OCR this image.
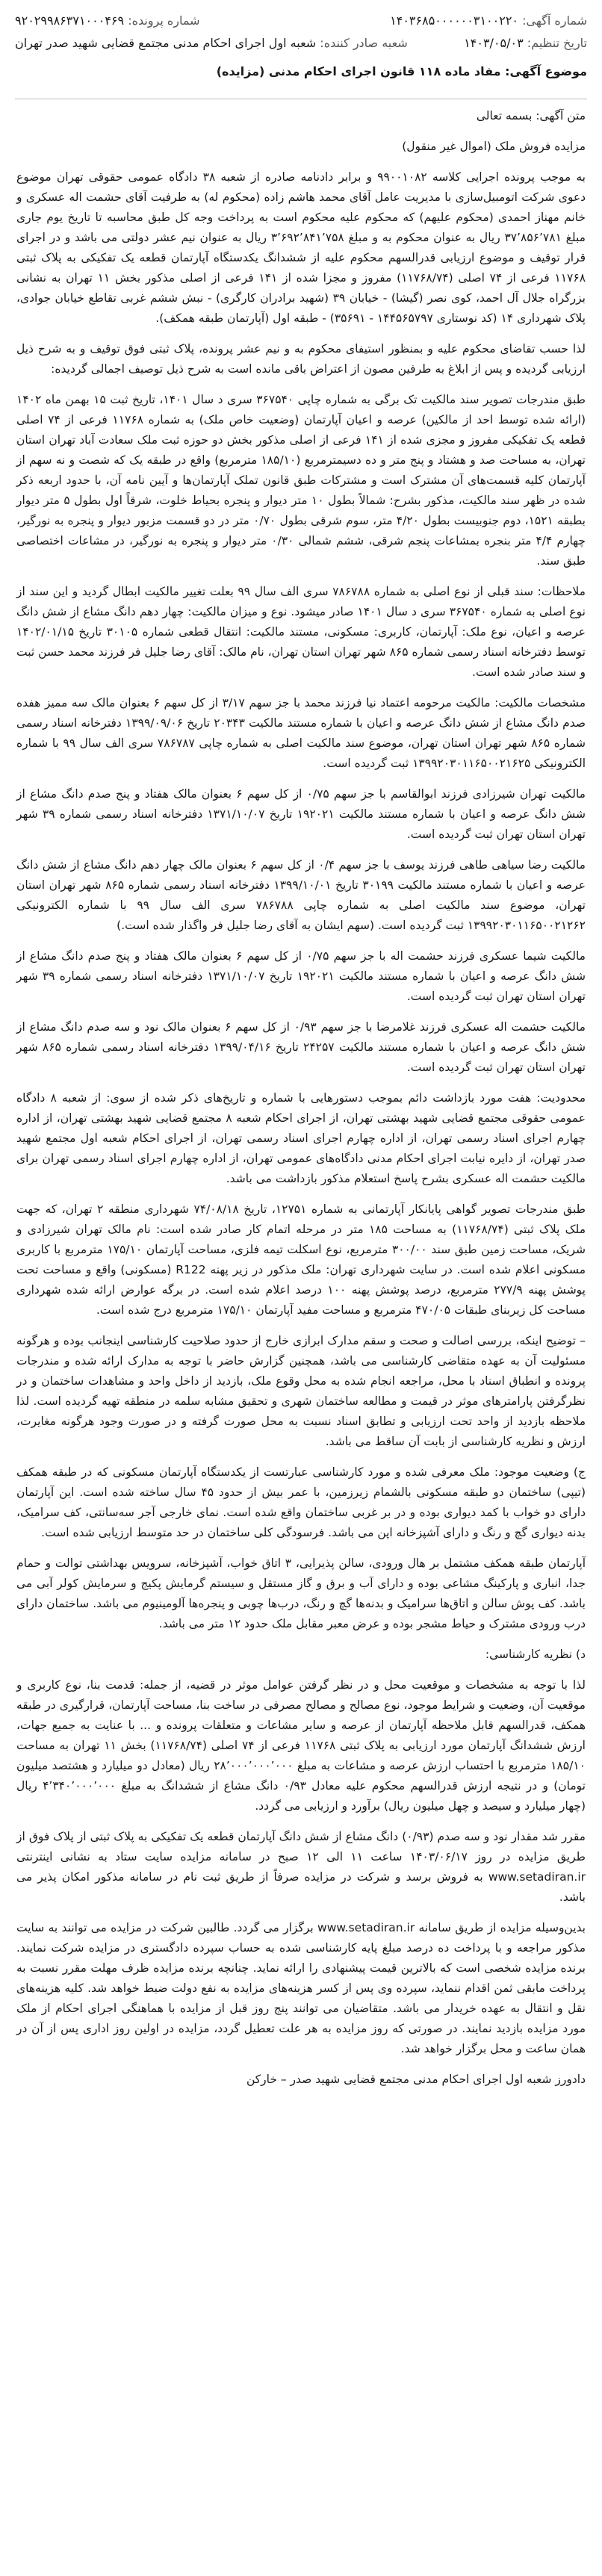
شماره آگهی: ۱۴۰۳۶۸۵۰۰۰۰۰۰۳۱۰۰۲۲۰
شماره پرونده: ۹۲۰۲۹۹۸۶۳۷۱۰۰۰۴۶۹
تاریخ تنظیم: ۱۴۰۳/۰۵/۰۳
شعبه صادر کننده: شعبه اول اجرای احکام مدنی مجتمع قضایی شهید صدر تهران
موضوع آگهی: مفاد ماده ۱۱۸ قانون اجرای احکام مدنی (مزایده)

متن آگهی: بسمه تعالی

مزایده فروش ملک (اموال غیر منقول)

به موجب پرونده اجرایی کلاسه ۹۹۰۰۱۰۸۲ و برابر دادنامه صادره از شعبه ۳۸ دادگاه عمومی حقوقی تهران موضوع دعوی شرکت اتومبیل‌سازی با مدیریت عامل آقای محمد هاشم زاده (محکوم له) به طرفیت آقای حشمت اله عسکری و خانم مهناز احمدی (محکوم علیهم) که محکوم علیه محکوم است به پرداخت وجه کل طبق محاسبه تا تاریخ یوم جاری مبلغ ۳۷٬۸۵۶٬۷۸۱ ریال به عنوان محکوم به و مبلغ ۳٬۶۹۲٬۸۴۱٬۷۵۸ ریال به عنوان نیم عشر دولتی می باشد و در اجرای قرار توقیف و موضوع ارزیابی قدرالسهم محکوم علیه از ششدانگ یکدستگاه آپارتمان قطعه یک تفکیکی به پلاک ثبتی ۱۱۷۶۸ فرعی از ۷۴ اصلی (۱۱۷۶۸/۷۴) مفروز و مجزا شده از ۱۴۱ فرعی از اصلی مذکور بخش ۱۱ تهران به نشانی بزرگراه جلال آل احمد، کوی نصر (گیشا) - خیابان ۳۹ (شهید برادران کارگری) - نبش ششم غربی تقاطع خیابان جوادی، پلاک شهرداری ۱۴ (کد نوستاری ۱۴۴۵۶۵۷۹۷ - ۳۵۶۹۱) - طبقه اول (آپارتمان طبقه همکف).

لذا حسب تقاضای محکوم علیه و بمنظور استیفای محکوم به و نیم عشر پرونده، پلاک ثبتی فوق توقیف و به شرح ذیل ارزیابی گردیده و پس از ابلاغ به طرفین مصون از اعتراض باقی مانده است به شرح ذیل توصیف اجمالی گردیده:

طبق مندرجات تصویر سند مالکیت تک برگی به شماره چاپی ۳۶۷۵۴۰ سری د سال ۱۴۰۱، تاریخ ثبت ۱۵ بهمن ماه ۱۴۰۲ (ارائه شده توسط احد از مالکین) عرصه و اعیان آپارتمان (وضعیت خاص ملک) به شماره ۱۱۷۶۸ فرعی از ۷۴ اصلی قطعه یک تفکیکی مفروز و مجزی شده از ۱۴۱ فرعی از اصلی مذکور بخش دو حوزه ثبت ملک سعادت آباد تهران استان تهران، به مساحت صد و هشتاد و پنج متر و ده دسیمترمربع (۱۸۵/۱۰ مترمربع) واقع در طبقه یک که شصت و نه سهم از آپارتمان کلیه قسمت‌های آن مشترک است و مشترکات طبق قانون تملک آپارتمان‌ها و آیین نامه آن، با حدود اربعه ذکر شده در ظهر سند مالکیت، مذکور بشرح: شمالاً بطول ۱۰ متر دیوار و پنجره بحیاط خلوت، شرقاً اول بطول ۵ متر دیوار بطبقه ۱۵۲۱، دوم جنوبیست بطول ۴/۲۰ متر، سوم شرقی بطول ۰/۷۰ متر در دو قسمت مزبور دیوار و پنجره به نورگیر، چهارم ۴/۴ متر بنجره بمشاعات پنجم شرقی، ششم شمالی ۰/۳۰ متر دیوار و پنجره به نورگیر، در مشاعات اختصاصی طبق سند.

ملاحظات: سند قبلی از نوع اصلی به شماره ۷۸۶۷۸۸ سری الف سال ۹۹ بعلت تغییر مالکیت ابطال گردید و این سند از نوع اصلی به شماره ۳۶۷۵۴۰ سری د سال ۱۴۰۱ صادر میشود. نوع و میزان مالکیت: چهار دهم دانگ مشاع از شش دانگ عرصه و اعیان، نوع ملک: آپارتمان، کاربری: مسکونی، مستند مالکیت: انتقال قطعی شماره ۳۰۱۰۵ تاریخ ۱۴۰۲/۰۱/۱۵ توسط دفترخانه اسناد رسمی شماره ۸۶۵ شهر تهران استان تهران، نام مالک: آقای رضا جلیل فر فرزند محمد حسن ثبت و سند صادر شده است.

مشخصات مالکیت: مالکیت مرحومه اعتماد نیا فرزند محمد با جز سهم ۳/۱۷ از کل سهم ۶ بعنوان مالک سه ممیز هفده صدم دانگ مشاع از شش دانگ عرصه و اعیان با شماره مستند مالکیت ۲۰۳۴۳ تاریخ ۱۳۹۹/۰۹/۰۶ دفترخانه اسناد رسمی شماره ۸۶۵ شهر تهران استان تهران، موضوع سند مالکیت اصلی به شماره چاپی ۷۸۶۷۸۷ سری الف سال ۹۹ با شماره الکترونیکی ۱۳۹۹۲۰۳۰۱۱۶۵۰۰۲۱۶۲۵ ثبت گردیده است.

مالکیت تهران شیرزادی فرزند ابوالقاسم با جز سهم ۰/۷۵ از کل سهم ۶ بعنوان مالک هفتاد و پنج صدم دانگ مشاع از شش دانگ عرصه و اعیان با شماره مستند مالکیت ۱۹۲۰۲۱ تاریخ ۱۳۷۱/۱۰/۰۷ دفترخانه اسناد رسمی شماره ۳۹ شهر تهران استان تهران ثبت گردیده است.

مالکیت رضا سیاهی طاهی فرزند یوسف با جز سهم ۰/۴ از کل سهم ۶ بعنوان مالک چهار دهم دانگ مشاع از شش دانگ عرصه و اعیان با شماره مستند مالکیت ۳۰۱۹۹ تاریخ ۱۳۹۹/۱۰/۰۱ دفترخانه اسناد رسمی شماره ۸۶۵ شهر تهران استان تهران، موضوع سند مالکیت اصلی به شماره چاپی ۷۸۶۷۸۸ سری الف سال ۹۹ با شماره الکترونیکی ۱۳۹۹۲۰۳۰۱۱۶۵۰۰۲۱۲۶۲ ثبت گردیده است. (سهم ایشان به آقای رضا جلیل فر واگذار شده است.)

مالکیت شیما عسکری فرزند حشمت اله با جز سهم ۰/۷۵ از کل سهم ۶ بعنوان مالک هفتاد و پنج صدم دانگ مشاع از شش دانگ عرصه و اعیان با شماره مستند مالکیت ۱۹۲۰۲۱ تاریخ ۱۳۷۱/۱۰/۰۷ دفترخانه اسناد رسمی شماره ۳۹ شهر تهران استان تهران ثبت گردیده است.

مالکیت حشمت اله عسکری فرزند غلامرضا با جز سهم ۰/۹۳ از کل سهم ۶ بعنوان مالک نود و سه صدم دانگ مشاع از شش دانگ عرصه و اعیان با شماره مستند مالکیت ۲۴۲۵۷ تاریخ ۱۳۹۹/۰۴/۱۶ دفترخانه اسناد رسمی شماره ۸۶۵ شهر تهران استان تهران ثبت گردیده است.

محدودیت: هفت مورد بازداشت دائم بموجب دستورهایی با شماره و تاریخ‌های ذکر شده از سوی: از شعبه ۸ دادگاه عمومی حقوقی مجتمع قضایی شهید بهشتی تهران، از اجرای احکام شعبه ۸ مجتمع قضایی شهید بهشتی تهران، از اداره چهارم اجرای اسناد رسمی تهران، از اداره چهارم اجرای اسناد رسمی تهران، از اجرای احکام شعبه اول مجتمع شهید صدر تهران، از دایره نیابت اجرای احکام مدنی دادگاه‌های عمومی تهران، از اداره چهارم اجرای اسناد رسمی تهران برای مالکیت حشمت اله عسکری بشرح پاسخ استعلام مذکور بازداشت می باشد.

طبق مندرجات تصویر گواهی پایانکار آپارتمانی به شماره ۱۲۷۵۱، تاریخ ۷۴/۰۸/۱۸ شهرداری منطقه ۲ تهران، که جهت ملک پلاک ثبتی (۱۱۷۶۸/۷۴) به مساحت ۱۸۵ متر در مرحله اتمام کار صادر شده است: نام مالک تهران شیرزادی و شریک، مساحت زمین طبق سند ۳۰۰/۰۰ مترمربع، نوع اسکلت تیمه فلزی، مساحت آپارتمان ۱۷۵/۱۰ مترمربع با کاربری مسکونی اعلام شده است. در سایت شهرداری تهران: ملک مذکور در زیر پهنه R122 (مسکونی) واقع و مساحت تحت پوشش پهنه ۲۷۷/۹ مترمربع، درصد پوشش پهنه ۱۰۰ درصد اعلام شده است. در برگه عوارض ارائه شده شهرداری مساحت کل زیربنای طبقات ۴۷۰/۰۵ مترمربع و مساحت مفید آپارتمان ۱۷۵/۱۰ مترمربع درج شده است.

– توضیح اینکه، بررسی اصالت و صحت و سقم مدارک ابرازی خارج از حدود صلاحیت کارشناسی اینجانب بوده و هرگونه مسئولیت آن به عهده متقاضی کارشناسی می باشد، همچنین گزارش حاضر با توجه به مدارک ارائه شده و مندرجات پرونده و انطباق اسناد با محل، مراجعه انجام شده به محل وقوع ملک، بازدید از داخل واحد و مشاهدات ساختمان و در نظرگرفتن پارامترهای موثر در قیمت و مطالعه ساختمان شهری و تحقیق مشابه سلمه در منطقه تهیه گردیده است. لذا ملاحظه بازدید از واحد تحت ارزیابی و تطابق اسناد نسبت به محل صورت گرفته و در صورت وجود هرگونه مغایرت، ارزش و نظریه کارشناسی از بابت آن ساقط می باشد.

ج) وضعیت موجود: ملک معرفی شده و مورد کارشناسی عبارتست از یکدستگاه آپارتمان مسکونی که در طبقه همکف (تیپی) ساختمان دو طبقه مسکونی بالشمام زیرزمین، با عمر بیش از حدود ۴۵ سال ساخته شده است. این آپارتمان دارای دو خواب با کمد دیواری بوده و در بر غربی ساختمان واقع شده است. نمای خارجی آجر سه‌سانتی، کف سرامیک، بدنه دیواری گچ و رنگ و دارای آشپزخانه اپن می باشد. فرسودگی کلی ساختمان در حد متوسط ارزیابی شده است.

آپارتمان طبقه همکف مشتمل بر هال ورودی، سالن پذیرایی، ۳ اتاق خواب، آشپزخانه، سرویس بهداشتی توالت و حمام جدا، انباری و پارکینگ مشاعی بوده و دارای آب و برق و گاز مستقل و سیستم گرمایش پکیج و سرمایش کولر آبی می باشد. کف پوش سالن و اتاق‌ها سرامیک و بدنه‌ها گچ و رنگ، درب‌ها چوبی و پنجره‌ها آلومینیوم می باشد. ساختمان دارای درب ورودی مشترک و حیاط مشجر بوده و عرض معبر مقابل ملک حدود ۱۲ متر می باشد.

د) نظریه کارشناسی:

لذا با توجه به مشخصات و موقعیت محل و در نظر گرفتن عوامل موثر در قضیه، از جمله: قدمت بنا، نوع کاربری و موقعیت آن، وضعیت و شرایط موجود، نوع مصالح و مصالح مصرفی در ساخت بنا، مساحت آپارتمان، قرارگیری در طبقه همکف، قدرالسهم قابل ملاحظه آپارتمان از عرصه و سایر مشاعات و متعلقات پرونده و ... با عنایت به جمیع جهات، ارزش ششدانگ آپارتمان مورد ارزیابی به پلاک ثبتی ۱۱۷۶۸ فرعی از ۷۴ اصلی (۱۱۷۶۸/۷۴) بخش ۱۱ تهران به مساحت ۱۸۵/۱۰ مترمربع با احتساب ارزش عرصه و مشاعات به مبلغ ۲۸٬۰۰۰٬۰۰۰٬۰۰۰ ریال (معادل دو میلیارد و هشتصد میلیون تومان) و در نتیجه ارزش قدرالسهم محکوم علیه معادل ۰/۹۳ دانگ مشاع از ششدانگ به مبلغ ۴٬۳۴۰٬۰۰۰٬۰۰۰ ریال (چهار میلیارد و سیصد و چهل میلیون ریال) برآورد و ارزیابی می گردد.

مقرر شد مقدار نود و سه صدم (۰/۹۳) دانگ مشاع از شش دانگ آپارتمان قطعه یک تفکیکی به پلاک ثبتی از پلاک فوق از طریق مزایده در روز ۱۴۰۳/۰۶/۱۷ ساعت ۱۱ الی ۱۲ صبح در سامانه مزایده سایت ستاد به نشانی اینترنتی www.setadiran.ir به فروش برسد و شرکت در مزایده صرفاً از طریق ثبت نام در سامانه مذکور امکان پذیر می باشد.

بدین‌وسیله مزایده از طریق سامانه www.setadiran.ir برگزار می گردد. طالبین شرکت در مزایده می توانند به سایت مذکور مراجعه و با پرداخت ده درصد مبلغ پایه کارشناسی شده به حساب سپرده دادگستری در مزایده شرکت نمایند. برنده مزایده شخصی است که بالاترین قیمت پیشنهادی را ارائه نماید. چنانچه برنده مزایده ظرف مهلت مقرر نسبت به پرداخت مابقی ثمن اقدام ننماید، سپرده وی پس از کسر هزینه‌های مزایده به نفع دولت ضبط خواهد شد. کلیه هزینه‌های نقل و انتقال به عهده خریدار می باشد. متقاضیان می توانند پنج روز قبل از مزایده با هماهنگی اجرای احکام از ملک مورد مزایده بازدید نمایند. در صورتی که روز مزایده به هر علت تعطیل گردد، مزایده در اولین روز اداری پس از آن در همان ساعت و محل برگزار خواهد شد.

دادورز شعبه اول اجرای احکام مدنی مجتمع قضایی شهید صدر – خارکن
